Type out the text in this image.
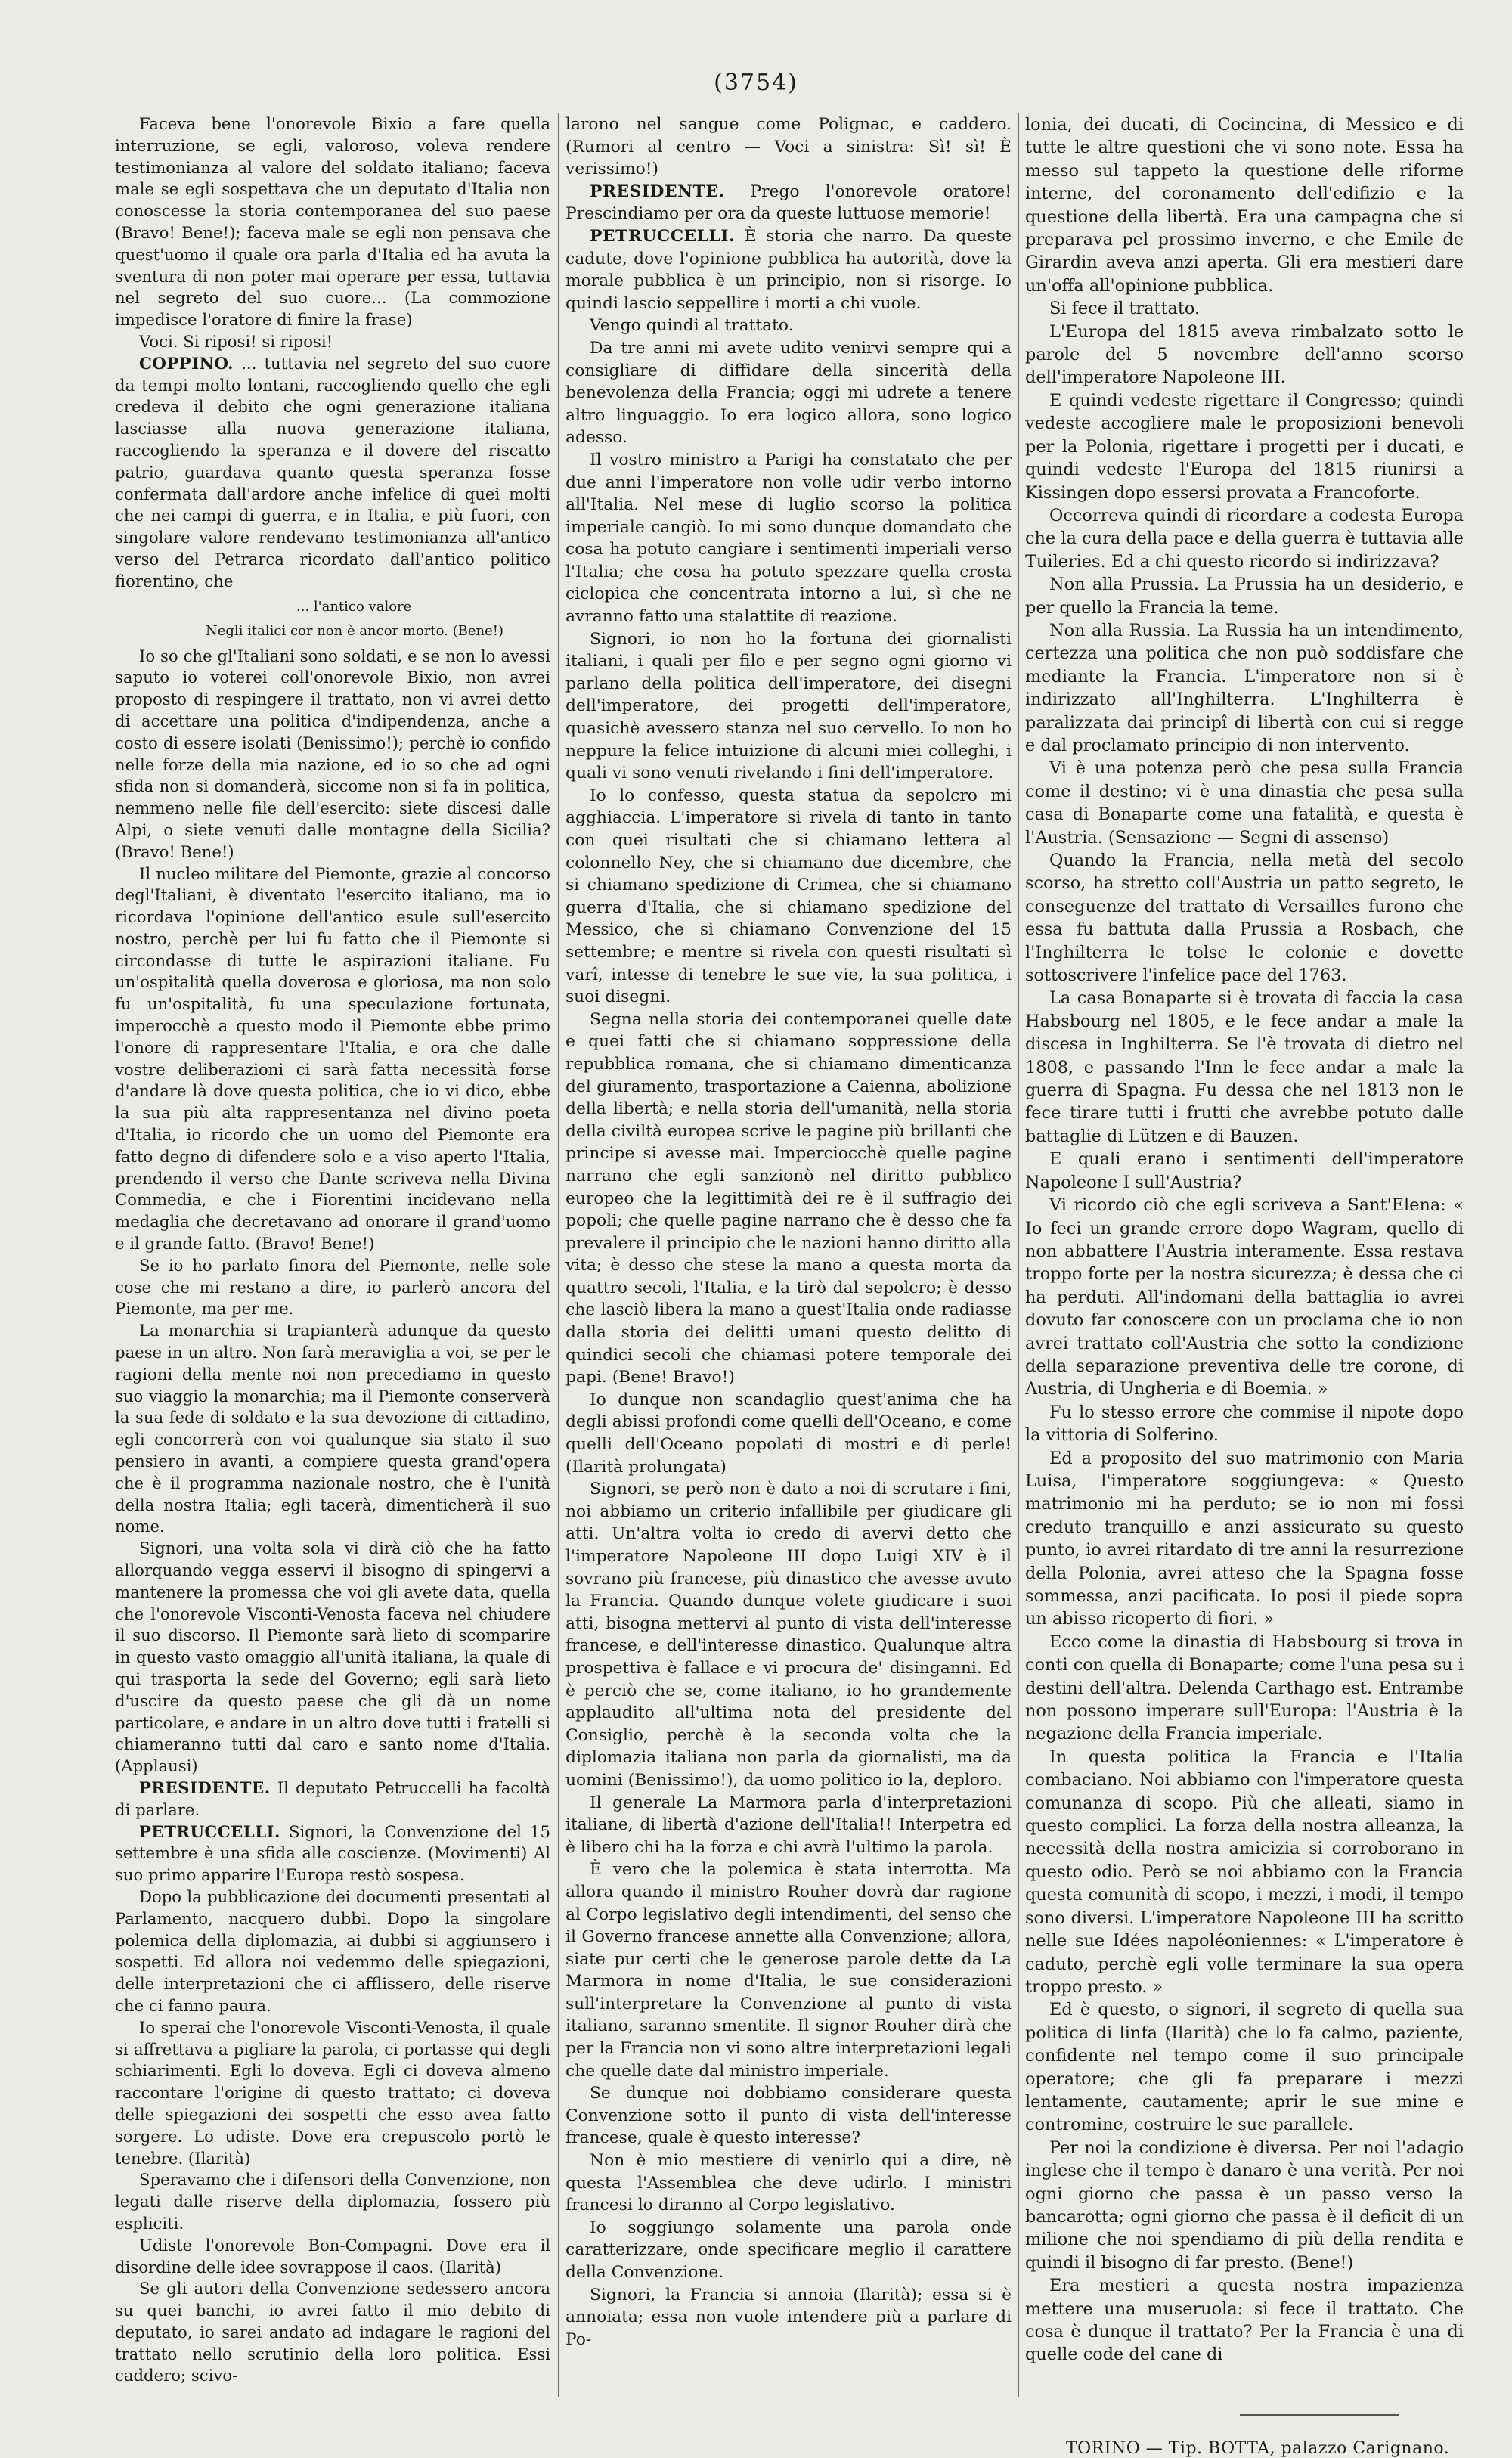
(3754)

Faceva bene l'onorevole Bixio a fare quella interruzione, se egli, valoroso, voleva rendere testimonianza al valore del soldato italiano; faceva male se egli sospettava che un deputato d'Italia non conoscesse la storia contemporanea del suo paese (Bravo! Bene!); faceva male se egli non pensava che quest'uomo il quale ora parla d'Italia ed ha avuta la sventura di non poter mai operare per essa, tuttavia nel segreto del suo cuore... (La commozione impedisce l'oratore di finire la frase)

Voci. Si riposi! si riposi!

COPPINO. ... tuttavia nel segreto del suo cuore da tempi molto lontani, raccogliendo quello che egli credeva il debito che ogni generazione italiana lasciasse alla nuova generazione italiana, raccogliendo la speranza e il dovere del riscatto patrio, guardava quanto questa speranza fosse confermata dall'ardore anche infelice di quei molti che nei campi di guerra, e in Italia, e più fuori, con singolare valore rendevano testimonianza all'antico verso del Petrarca ricordato dall'antico politico fiorentino, che

... l'antico valore

Negli italici cor non è ancor morto. (Bene!)

Io so che gl'Italiani sono soldati, e se non lo avessi saputo io voterei coll'onorevole Bixio, non avrei proposto di respingere il trattato, non vi avrei detto di accettare una politica d'indipendenza, anche a costo di essere isolati (Benissimo!); perchè io confido nelle forze della mia nazione, ed io so che ad ogni sfida non si domanderà, siccome non si fa in politica, nemmeno nelle file dell'esercito: siete discesi dalle Alpi, o siete venuti dalle montagne della Sicilia? (Bravo! Bene!)

Il nucleo militare del Piemonte, grazie al concorso degl'Italiani, è diventato l'esercito italiano, ma io ricordava l'opinione dell'antico esule sull'esercito nostro, perchè per lui fu fatto che il Piemonte si circondasse di tutte le aspirazioni italiane. Fu un'ospitalità quella doverosa e gloriosa, ma non solo fu un'ospitalità, fu una speculazione fortunata, imperocchè a questo modo il Piemonte ebbe primo l'onore di rappresentare l'Italia, e ora che dalle vostre deliberazioni ci sarà fatta necessità forse d'andare là dove questa politica, che io vi dico, ebbe la sua più alta rappresentanza nel divino poeta d'Italia, io ricordo che un uomo del Piemonte era fatto degno di difendere solo e a viso aperto l'Italia, prendendo il verso che Dante scriveva nella Divina Commedia, e che i Fiorentini incidevano nella medaglia che decretavano ad onorare il grand'uomo e il grande fatto. (Bravo! Bene!)

Se io ho parlato finora del Piemonte, nelle sole cose che mi restano a dire, io parlerò ancora del Piemonte, ma per me.

La monarchia si trapianterà adunque da questo paese in un altro. Non farà meraviglia a voi, se per le ragioni della mente noi non precediamo in questo suo viaggio la monarchia; ma il Piemonte conserverà la sua fede di soldato e la sua devozione di cittadino, egli concorrerà con voi qualunque sia stato il suo pensiero in avanti, a compiere questa grand'opera che è il programma nazionale nostro, che è l'unità della nostra Italia; egli tacerà, dimenticherà il suo nome.

Signori, una volta sola vi dirà ciò che ha fatto allorquando vegga esservi il bisogno di spingervi a mantenere la promessa che voi gli avete data, quella che l'onorevole Visconti-Venosta faceva nel chiudere il suo discorso. Il Piemonte sarà lieto di scomparire in questo vasto omaggio all'unità italiana, la quale di qui trasporta la sede del Governo; egli sarà lieto d'uscire da questo paese che gli dà un nome particolare, e andare in un altro dove tutti i fratelli si chiameranno tutti dal caro e santo nome d'Italia. (Applausi)

PRESIDENTE. Il deputato Petruccelli ha facoltà di parlare.

PETRUCCELLI. Signori, la Convenzione del 15 settembre è una sfida alle coscienze. (Movimenti) Al suo primo apparire l'Europa restò sospesa.

Dopo la pubblicazione dei documenti presentati al Parlamento, nacquero dubbi. Dopo la singolare polemica della diplomazia, ai dubbi si aggiunsero i sospetti. Ed allora noi vedemmo delle spiegazioni, delle interpretazioni che ci afflissero, delle riserve che ci fanno paura.

Io sperai che l'onorevole Visconti-Venosta, il quale si affrettava a pigliare la parola, ci portasse qui degli schiarimenti. Egli lo doveva. Egli ci doveva almeno raccontare l'origine di questo trattato; ci doveva delle spiegazioni dei sospetti che esso avea fatto sorgere. Lo udiste. Dove era crepuscolo portò le tenebre. (Ilarità)

Speravamo che i difensori della Convenzione, non legati dalle riserve della diplomazia, fossero più espliciti.

Udiste l'onorevole Bon-Compagni. Dove era il disordine delle idee sovrappose il caos. (Ilarità)

Se gli autori della Convenzione sedessero ancora su quei banchi, io avrei fatto il mio debito di deputato, io sarei andato ad indagare le ragioni del trattato nello scrutinio della loro politica. Essi caddero; scivo-

larono nel sangue come Polignac, e caddero. (Rumori al centro — Voci a sinistra: Sì! sì! È verissimo!)

PRESIDENTE. Prego l'onorevole oratore! Prescindiamo per ora da queste luttuose memorie!

PETRUCCELLI. È storia che narro. Da queste cadute, dove l'opinione pubblica ha autorità, dove la morale pubblica è un principio, non si risorge. Io quindi lascio seppellire i morti a chi vuole.

Vengo quindi al trattato.

Da tre anni mi avete udito venirvi sempre qui a consigliare di diffidare della sincerità della benevolenza della Francia; oggi mi udrete a tenere altro linguaggio. Io era logico allora, sono logico adesso.

Il vostro ministro a Parigi ha constatato che per due anni l'imperatore non volle udir verbo intorno all'Italia. Nel mese di luglio scorso la politica imperiale cangiò. Io mi sono dunque domandato che cosa ha potuto cangiare i sentimenti imperiali verso l'Italia; che cosa ha potuto spezzare quella crosta ciclopica che concentrata intorno a lui, sì che ne avranno fatto una stalattite di reazione.

Signori, io non ho la fortuna dei giornalisti italiani, i quali per filo e per segno ogni giorno vi parlano della politica dell'imperatore, dei disegni dell'imperatore, dei progetti dell'imperatore, quasichè avessero stanza nel suo cervello. Io non ho neppure la felice intuizione di alcuni miei colleghi, i quali vi sono venuti rivelando i fini dell'imperatore.

Io lo confesso, questa statua da sepolcro mi agghiaccia. L'imperatore si rivela di tanto in tanto con quei risultati che si chiamano lettera al colonnello Ney, che si chiamano due dicembre, che si chiamano spedizione di Crimea, che si chiamano guerra d'Italia, che si chiamano spedizione del Messico, che si chiamano Convenzione del 15 settembre; e mentre si rivela con questi risultati sì varî, intesse di tenebre le sue vie, la sua politica, i suoi disegni.

Segna nella storia dei contemporanei quelle date e quei fatti che si chiamano soppressione della repubblica romana, che si chiamano dimenticanza del giuramento, trasportazione a Caienna, abolizione della libertà; e nella storia dell'umanità, nella storia della civiltà europea scrive le pagine più brillanti che principe si avesse mai. Imperciocchè quelle pagine narrano che egli sanzionò nel diritto pubblico europeo che la legittimità dei re è il suffragio dei popoli; che quelle pagine narrano che è desso che fa prevalere il principio che le nazioni hanno diritto alla vita; è desso che stese la mano a questa morta da quattro secoli, l'Italia, e la tirò dal sepolcro; è desso che lasciò libera la mano a quest'Italia onde radiasse dalla storia dei delitti umani questo delitto di quindici secoli che chiamasi potere temporale dei papi. (Bene! Bravo!)

Io dunque non scandaglio quest'anima che ha degli abissi profondi come quelli dell'Oceano, e come quelli dell'Oceano popolati di mostri e di perle! (Ilarità prolungata)

Signori, se però non è dato a noi di scrutare i fini, noi abbiamo un criterio infallibile per giudicare gli atti. Un'altra volta io credo di avervi detto che l'imperatore Napoleone III dopo Luigi XIV è il sovrano più francese, più dinastico che avesse avuto la Francia. Quando dunque volete giudicare i suoi atti, bisogna mettervi al punto di vista dell'interesse francese, e dell'interesse dinastico. Qualunque altra prospettiva è fallace e vi procura de' disinganni. Ed è perciò che se, come italiano, io ho grandemente applaudito all'ultima nota del presidente del Consiglio, perchè è la seconda volta che la diplomazia italiana non parla da giornalisti, ma da uomini (Benissimo!), da uomo politico io la, deploro.

Il generale La Marmora parla d'interpretazioni italiane, di libertà d'azione dell'Italia!! Interpetra ed è libero chi ha la forza e chi avrà l'ultimo la parola.

È vero che la polemica è stata interrotta. Ma allora quando il ministro Rouher dovrà dar ragione al Corpo legislativo degli intendimenti, del senso che il Governo francese annette alla Convenzione; allora, siate pur certi che le generose parole dette da La Marmora in nome d'Italia, le sue considerazioni sull'interpretare la Convenzione al punto di vista italiano, saranno smentite. Il signor Rouher dirà che per la Francia non vi sono altre interpretazioni legali che quelle date dal ministro imperiale.

Se dunque noi dobbiamo considerare questa Convenzione sotto il punto di vista dell'interesse francese, quale è questo interesse?

Non è mio mestiere di venirlo qui a dire, nè questa l'Assemblea che deve udirlo. I ministri francesi lo diranno al Corpo legislativo.

Io soggiungo solamente una parola onde caratterizzare, onde specificare meglio il carattere della Convenzione.

Signori, la Francia si annoia (Ilarità); essa si è annoiata; essa non vuole intendere più a parlare di Po-

lonia, dei ducati, di Cocincina, di Messico e di tutte le altre questioni che vi sono note. Essa ha messo sul tappeto la questione delle riforme interne, del coronamento dell'edifizio e la questione della libertà. Era una campagna che si preparava pel prossimo inverno, e che Emile de Girardin aveva anzi aperta. Gli era mestieri dare un'offa all'opinione pubblica.

Si fece il trattato.

L'Europa del 1815 aveva rimbalzato sotto le parole del 5 novembre dell'anno scorso dell'imperatore Napoleone III.

E quindi vedeste rigettare il Congresso; quindi vedeste accogliere male le proposizioni benevoli per la Polonia, rigettare i progetti per i ducati, e quindi vedeste l'Europa del 1815 riunirsi a Kissingen dopo essersi provata a Francoforte.

Occorreva quindi di ricordare a codesta Europa che la cura della pace e della guerra è tuttavia alle Tuileries. Ed a chi questo ricordo si indirizzava?

Non alla Prussia. La Prussia ha un desiderio, e per quello la Francia la teme.

Non alla Russia. La Russia ha un intendimento, certezza una politica che non può soddisfare che mediante la Francia. L'imperatore non si è indirizzato all'Inghilterra. L'Inghilterra è paralizzata dai principî di libertà con cui si regge e dal proclamato principio di non intervento.

Vi è una potenza però che pesa sulla Francia come il destino; vi è una dinastia che pesa sulla casa di Bonaparte come una fatalità, e questa è l'Austria. (Sensazione — Segni di assenso)

Quando la Francia, nella metà del secolo scorso, ha stretto coll'Austria un patto segreto, le conseguenze del trattato di Versailles furono che essa fu battuta dalla Prussia a Rosbach, che l'Inghilterra le tolse le colonie e dovette sottoscrivere l'infelice pace del 1763.

La casa Bonaparte si è trovata di faccia la casa Habsbourg nel 1805, e le fece andar a male la discesa in Inghilterra. Se l'è trovata di dietro nel 1808, e passando l'Inn le fece andar a male la guerra di Spagna. Fu dessa che nel 1813 non le fece tirare tutti i frutti che avrebbe potuto dalle battaglie di Lützen e di Bauzen.

E quali erano i sentimenti dell'imperatore Napoleone I sull'Austria?

Vi ricordo ciò che egli scriveva a Sant'Elena: « Io feci un grande errore dopo Wagram, quello di non abbattere l'Austria interamente. Essa restava troppo forte per la nostra sicurezza; è dessa che ci ha perduti. All'indomani della battaglia io avrei dovuto far conoscere con un proclama che io non avrei trattato coll'Austria che sotto la condizione della separazione preventiva delle tre corone, di Austria, di Ungheria e di Boemia. »

Fu lo stesso errore che commise il nipote dopo la vittoria di Solferino.

Ed a proposito del suo matrimonio con Maria Luisa, l'imperatore soggiungeva: « Questo matrimonio mi ha perduto; se io non mi fossi creduto tranquillo e anzi assicurato su questo punto, io avrei ritardato di tre anni la resurrezione della Polonia, avrei atteso che la Spagna fosse sommessa, anzi pacificata. Io posi il piede sopra un abisso ricoperto di fiori. »

Ecco come la dinastia di Habsbourg si trova in conti con quella di Bonaparte; come l'una pesa su i destini dell'altra. Delenda Carthago est. Entrambe non possono imperare sull'Europa: l'Austria è la negazione della Francia imperiale.

In questa politica la Francia e l'Italia combaciano. Noi abbiamo con l'imperatore questa comunanza di scopo. Più che alleati, siamo in questo complici. La forza della nostra alleanza, la necessità della nostra amicizia si corroborano in questo odio. Però se noi abbiamo con la Francia questa comunità di scopo, i mezzi, i modi, il tempo sono diversi. L'imperatore Napoleone III ha scritto nelle sue Idées napoléoniennes: « L'imperatore è caduto, perchè egli volle terminare la sua opera troppo presto. »

Ed è questo, o signori, il segreto di quella sua politica di linfa (Ilarità) che lo fa calmo, paziente, confidente nel tempo come il suo principale operatore; che gli fa preparare i mezzi lentamente, cautamente; aprir le sue mine e contromine, costruire le sue parallele.

Per noi la condizione è diversa. Per noi l'adagio inglese che il tempo è danaro è una verità. Per noi ogni giorno che passa è un passo verso la bancarotta; ogni giorno che passa è il deficit di un milione che noi spendiamo di più della rendita e quindi il bisogno di far presto. (Bene!)

Era mestieri a questa nostra impazienza mettere una museruola: si fece il trattato. Che cosa è dunque il trattato? Per la Francia è una di quelle code del cane di

TORINO — Tip. BOTTA, palazzo Carignano.
